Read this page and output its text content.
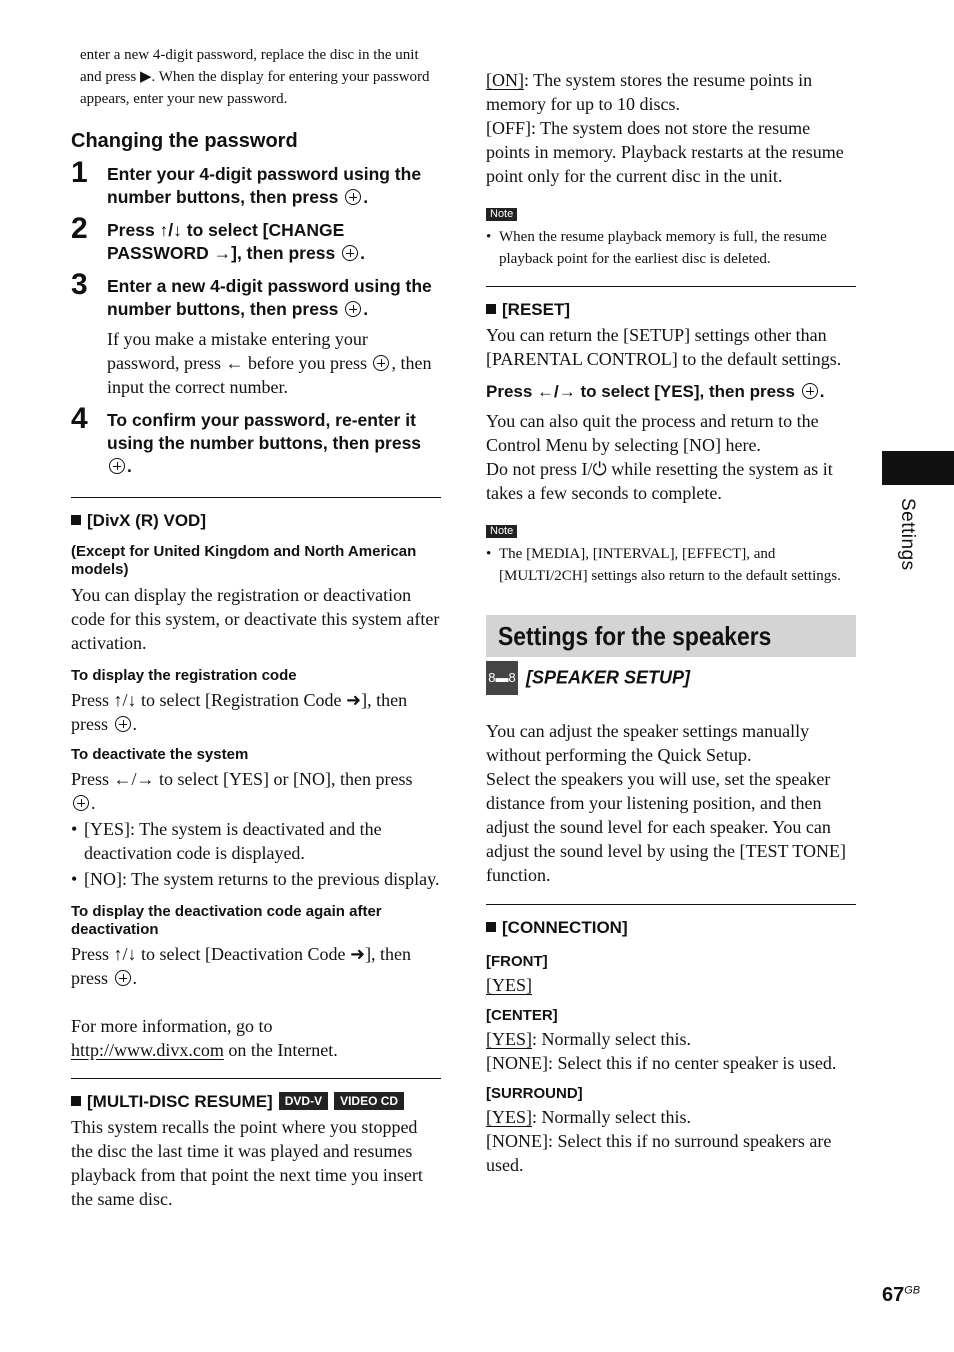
enter a new 4-digit password, replace the disc in the unit and press ▶. When the display for entering your password appears, enter your new password.

Changing the password
1 Enter your 4-digit password using the number buttons, then press .

2 Press ↑/↓ to select [CHANGE PASSWORD →], then press .

3 Enter a new 4-digit password using the number buttons, then press .

If you make a mistake entering your password, press ← before you press , then input the correct number.

4 To confirm your password, re-enter it using the number buttons, then press
.

[DivX (R) VOD]

(Except for United Kingdom and North American models)

You can display the registration or deactivation code for this system, or deactivate this system after activation.

To display the registration code

Press ↑/↓ to select [Registration Code ➜], then press .

To deactivate the system

Press ←/→ to select [YES] or [NO], then press
.

• [YES]: The system is deactivated and the deactivation code is displayed.

• [NO]: The system returns to the previous display.

To display the deactivation code again after deactivation

Press ↑/↓ to select [Deactivation Code ➜], then press .

For more information, go to

http://www.divx.com on the Internet.

[MULTI-DISC RESUME] DVD-V VIDEO CD

This system recalls the point where you stopped the disc the last time it was played and resumes playback from that point the next time you insert the same disc.

[ON]: The system stores the resume points in memory for up to 10 discs.

[OFF]: The system does not store the resume points in memory. Playback restarts at the resume point only for the current disc in the unit.

Note

• When the resume playback memory is full, the resume playback point for the earliest disc is deleted.

[RESET]

You can return the [SETUP] settings other than [PARENTAL CONTROL] to the default settings.

Press ←/→ to select [YES], then press .

You can also quit the process and return to the Control Menu by selecting [NO] here.

Do not press I/⏻ while resetting the system as it takes a few seconds to complete.

Note

• The [MEDIA], [INTERVAL], [EFFECT], and [MULTI/2CH] settings also return to the default settings.

Settings for the speakers

8▬8 [SPEAKER SETUP]

You can adjust the speaker settings manually without performing the Quick Setup.

Select the speakers you will use, set the speaker distance from your listening position, and then adjust the sound level for each speaker. You can adjust the sound level by using the [TEST TONE] function.

[CONNECTION]

[FRONT]

[YES]

[CENTER]

[YES]: Normally select this.

[NONE]: Select this if no center speaker is used.

[SURROUND]

[YES]: Normally select this.

[NONE]: Select this if no surround speakers are used.

Settings
$67^{GB}$
